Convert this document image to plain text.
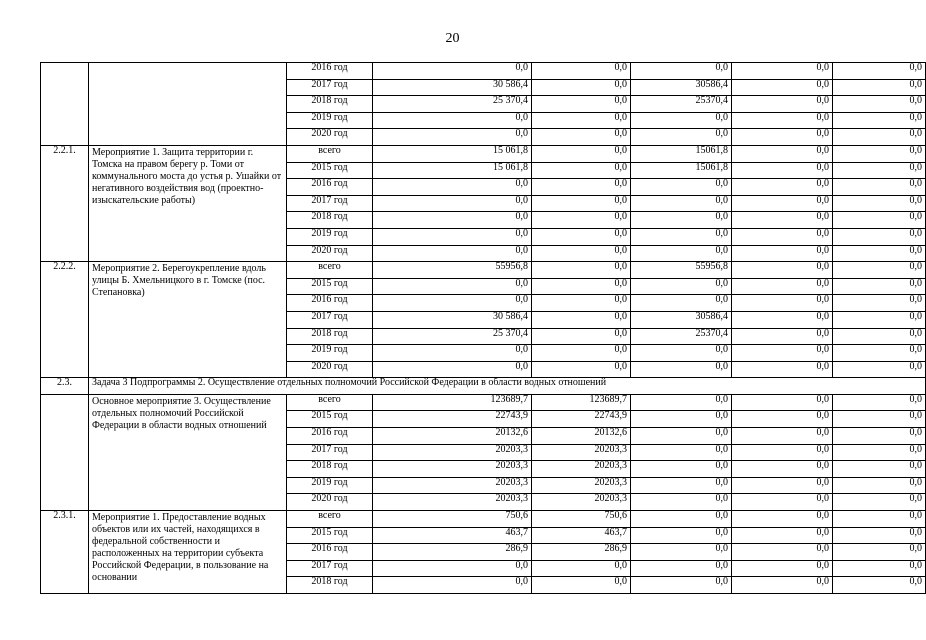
20
		2016 год	0,0	0,0	0,0	0,0	0,0
		2017 год	30 586,4	0,0	30586,4	0,0	0,0
		2018 год	25 370,4	0,0	25370,4	0,0	0,0
		2019 год	0,0	0,0	0,0	0,0	0,0
		2020 год	0,0	0,0	0,0	0,0	0,0
2.2.1.	Мероприятие 1. Защита территории г. Томска на правом берегу р. Томи от коммунального моста до устья р. Ушайки от негативного воздействия вод (проектно-изыскательские работы)	всего	15 061,8	0,0	15061,8	0,0	0,0
		2015 год	15 061,8	0,0	15061,8	0,0	0,0
		2016 год	0,0	0,0	0,0	0,0	0,0
		2017 год	0,0	0,0	0,0	0,0	0,0
		2018 год	0,0	0,0	0,0	0,0	0,0
		2019 год	0,0	0,0	0,0	0,0	0,0
		2020 год	0,0	0,0	0,0	0,0	0,0
2.2.2.	Мероприятие 2. Берегоукрепление вдоль улицы Б. Хмельницкого в г. Томске (пос. Степановка)	всего	55956,8	0,0	55956,8	0,0	0,0
		2015 год	0,0	0,0	0,0	0,0	0,0
		2016 год	0,0	0,0	0,0	0,0	0,0
		2017 год	30 586,4	0,0	30586,4	0,0	0,0
		2018 год	25 370,4	0,0	25370,4	0,0	0,0
		2019 год	0,0	0,0	0,0	0,0	0,0
		2020 год	0,0	0,0	0,0	0,0	0,0
2.3.	Задача 3 Подпрограммы 2. Осуществление отдельных полномочий Российской Федерации в области водных отношений						
	Основное мероприятие 3. Осуществление отдельных полномочий Российской Федерации в области водных отношений	всего	123689,7	123689,7	0,0	0,0	0,0
		2015 год	22743,9	22743,9	0,0	0,0	0,0
		2016 год	20132,6	20132,6	0,0	0,0	0,0
		2017 год	20203,3	20203,3	0,0	0,0	0,0
		2018 год	20203,3	20203,3	0,0	0,0	0,0
		2019 год	20203,3	20203,3	0,0	0,0	0,0
		2020 год	20203,3	20203,3	0,0	0,0	0,0
2.3.1.	Мероприятие 1. Предоставление водных объектов или их частей, находящихся в федеральной собственности и расположенных на территории субъекта Российской Федерации, в пользование на основании	всего	750,6	750,6	0,0	0,0	0,0
		2015 год	463,7	463,7	0,0	0,0	0,0
		2016 год	286,9	286,9	0,0	0,0	0,0
		2017 год	0,0	0,0	0,0	0,0	0,0
		2018 год	0,0	0,0	0,0	0,0	0,0
